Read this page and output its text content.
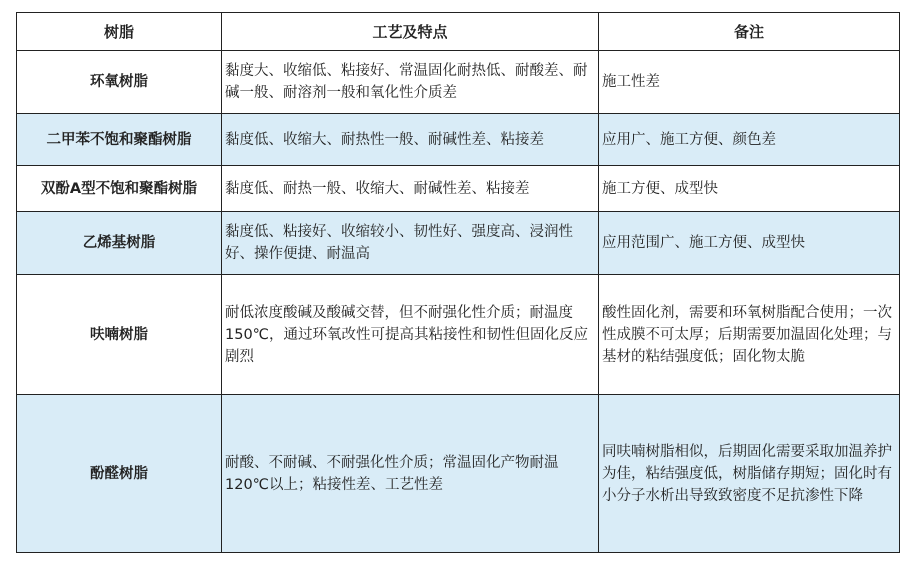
树脂	工艺及特点	备注
环氧树脂	黏度大、收缩低、粘接好、常温固化耐热低、耐酸差、耐碱一般、耐溶剂一般和氧化性介质差	施工性差
二甲苯不饱和聚酯树脂	黏度低、收缩大、耐热性一般、耐碱性差、粘接差	应用广、施工方便、颜色差
双酚A型不饱和聚酯树脂	黏度低、耐热一般、收缩大、耐碱性差、粘接差	施工方便、成型快
乙烯基树脂	黏度低、粘接好、收缩较小、韧性好、强度高、浸润性好、操作便捷、耐温高	应用范围广、施工方便、成型快
呋喃树脂	耐低浓度酸碱及酸碱交替，但不耐强化性介质；耐温度150℃，通过环氧改性可提高其粘接性和韧性但固化反应剧烈	酸性固化剂，需要和环氧树脂配合使用；一次性成膜不可太厚；后期需要加温固化处理；与基材的粘结强度低；固化物太脆
酚醛树脂	耐酸、不耐碱、不耐强化性介质；常温固化产物耐温120℃以上；粘接性差、工艺性差	同呋喃树脂相似，后期固化需要采取加温养护为佳，粘结强度低，树脂储存期短；固化时有小分子水析出导致致密度不足抗渗性下降
